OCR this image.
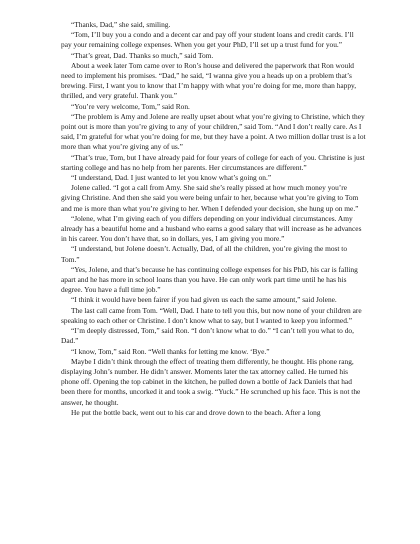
“Thanks, Dad,” she said, smiling.

“Tom, I’ll buy you a condo and a decent car and pay off your student loans and credit cards. I’ll pay your remaining college expenses. When you get your PhD, I’ll set up a trust fund for you.”

“That’s great, Dad. Thanks so much,” said Tom.

About a week later Tom came over to Ron’s house and delivered the paperwork that Ron would need to implement his promises. “Dad,” he said, “I wanna give you a heads up on a problem that’s brewing. First, I want you to know that I’m happy with what you’re doing for me, more than happy, thrilled, and very grateful. Thank you.”

“You’re very welcome, Tom,” said Ron.

“The problem is Amy and Jolene are really upset about what you’re giving to Christine, which they point out is more than you’re giving to any of your children,” said Tom. “And I don’t really care. As I said, I’m grateful for what you’re doing for me, but they have a point. A two million dollar trust is a lot more than what you’re giving any of us.”

“That’s true, Tom, but I have already paid for four years of college for each of you. Christine is just starting college and has no help from her parents. Her circumstances are different.”

“I understand, Dad. I just wanted to let you know what’s going on.”

Jolene called. “I got a call from Amy. She said she’s really pissed at how much money you’re giving Christine. And then she said you were being unfair to her, because what you’re giving to Tom and me is more than what you’re giving to her. When I defended your decision, she hung up on me.”

“Jolene, what I’m giving each of you differs depending on your individual circumstances. Amy already has a beautiful home and a husband who earns a good salary that will increase as he advances in his career. You don’t have that, so in dollars, yes, I am giving you more.”

“I understand, but Jolene doesn’t. Actually, Dad, of all the children, you’re giving the most to Tom.”

“Yes, Jolene, and that’s because he has continuing college expenses for his PhD, his car is falling apart and he has more in school loans than you have. He can only work part time until he has his degree. You have a full time job.”

“I think it would have been fairer if you had given us each the same amount,” said Jolene.

The last call came from Tom. “Well, Dad. I hate to tell you this, but now none of your children are speaking to each other or Christine. I don’t know what to say, but I wanted to keep you informed.”

“I’m deeply distressed, Tom,” said Ron. “I don’t know what to do.” “I can’t tell you what to do, Dad.”

“I know, Tom,” said Ron. “Well thanks for letting me know. ‘Bye.”

Maybe I didn’t think through the effect of treating them differently, he thought. His phone rang, displaying John’s number. He didn’t answer. Moments later the tax attorney called. He turned his phone off. Opening the top cabinet in the kitchen, he pulled down a bottle of Jack Daniels that had been there for months, uncorked it and took a swig. “Yuck.” He scrunched up his face. This is not the answer, he thought.

He put the bottle back, went out to his car and drove down to the beach. After a long
